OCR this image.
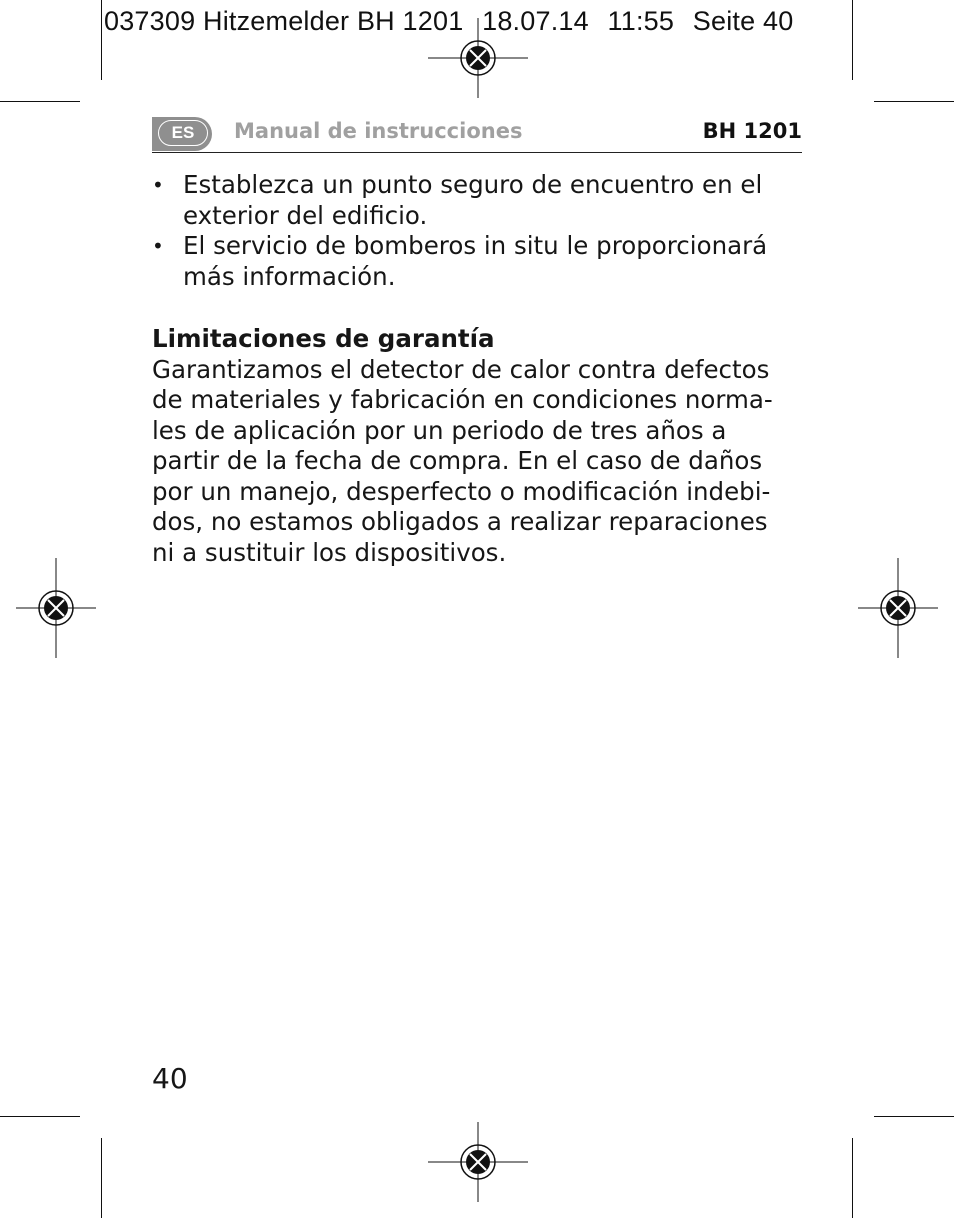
037309 Hitzemelder BH 1201 18.07.14 11:55 Seite 40
ES	Manual de instrucciones	BH 1201
• Establezca un punto seguro de encuentro en el exterior del edificio.
• El servicio de bomberos in situ le proporcionará más información.
Limitaciones de garantía

Garantizamos el detector de calor contra defectos
de materiales y fabricación en condiciones norma-
les de aplicación por un periodo de tres años a
partir de la fecha de compra. En el caso de daños
por un manejo, desperfecto o modificación indebi-
dos, no estamos obligados a realizar reparaciones
ni a sustituir los dispositivos.

40
